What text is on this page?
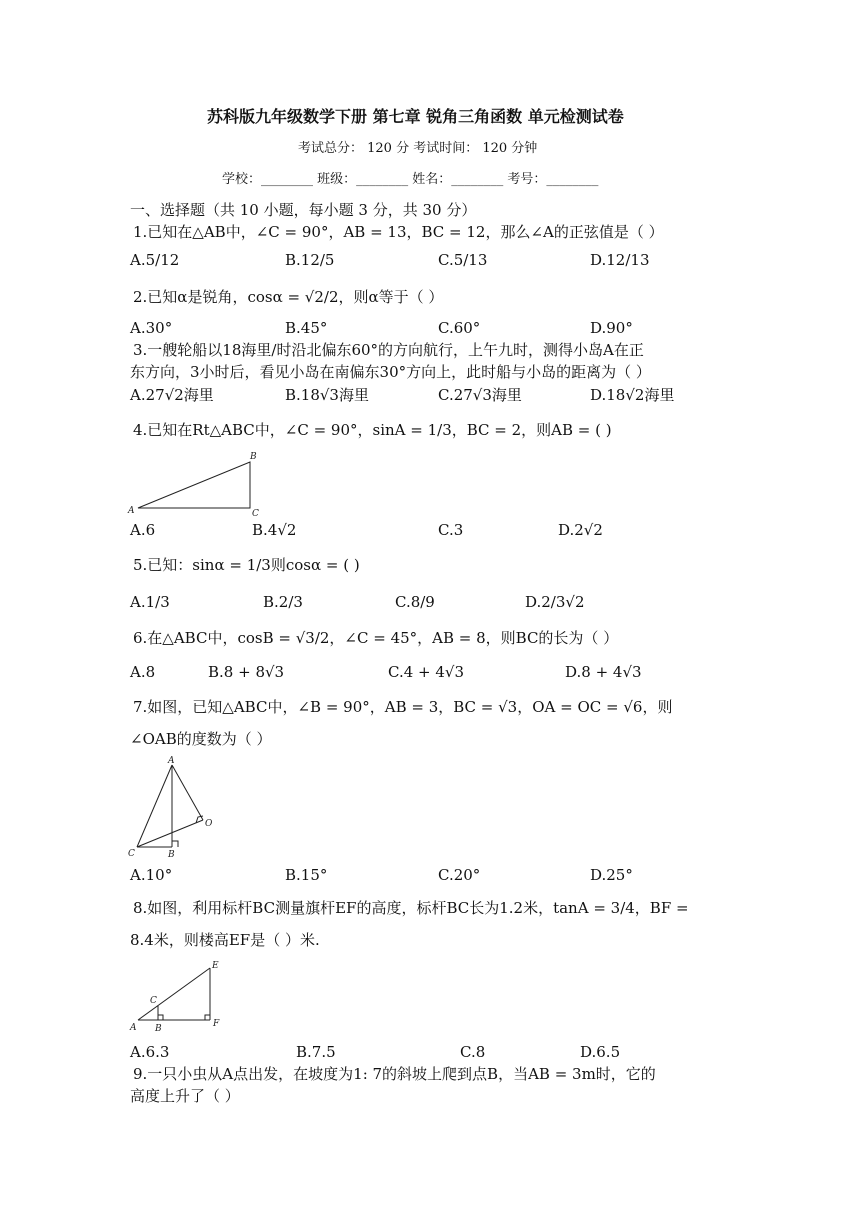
苏科版九年级数学下册 第七章 锐角三角函数 单元检测试卷
考试总分： 120 分 考试时间： 120 分钟
学校：________ 班级：________ 姓名：________ 考号：________
一、选择题（共 10 小题，每小题 3 分，共 30 分）
1.已知在△AB中，∠C = 90°，AB = 13，BC = 12，那么∠A的正弦值是（ ）
A.5/12	B.12/5	C.5/13	D.12/13
2.已知α是锐角，cosα = √2/2，则α等于（ ）
A.30°	B.45°	C.60°	D.90°
3.一艘轮船以18海里/时沿北偏东60°的方向航行，上午九时，测得小岛A在正
东方向，3小时后，看见小岛在南偏东30°方向上，此时船与小岛的距离为（ ）
A.27√2海里	B.18√3海里	C.27√3海里	D.18√2海里
4.已知在Rt△ABC中，∠C = 90°，sinA = 1/3，BC = 2，则AB = ( )
A
B
C
A.6	B.4√2	C.3	D.2√2
5.已知：sinα = 1/3则cosα = ( )
A.1/3	B.2/3	C.8/9	D.2/3√2
6.在△ABC中，cosB = √3/2，∠C = 45°，AB = 8，则BC的长为（ ）
A.8	B.8 + 8√3	C.4 + 4√3	D.8 + 4√3
7.如图，已知△ABC中，∠B = 90°，AB = 3，BC = √3，OA = OC = √6，则
∠OAB的度数为（ ）
A
O
C	B
A.10°	B.15°	C.20°	D.25°
8.如图，利用标杆BC测量旗杆EF的高度，标杆BC长为1.2米，tanA = 3/4，BF =
8.4米，则楼高EF是（ ）米.
E
C
A B	F
A.6.3	B.7.5	C.8	D.6.5
9.一只小虫从A点出发，在坡度为1: 7的斜坡上爬到点B，当AB = 3m时，它的
高度上升了（ ）
